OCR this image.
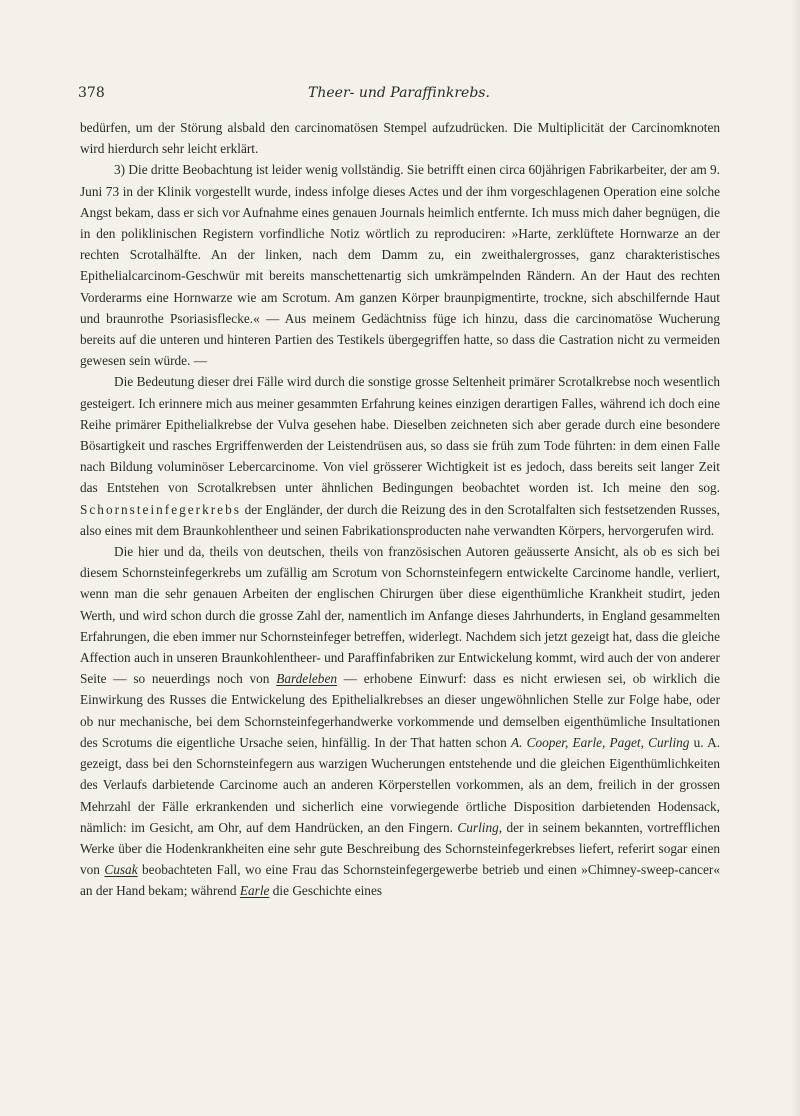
378	Theer- und Paraffinkrebs.

bedürfen, um der Störung alsbald den carcinomatösen Stempel aufzudrücken. Die Multiplicität der Carcinomknoten wird hierdurch sehr leicht erklärt.

3) Die dritte Beobachtung ist leider wenig vollständig. Sie betrifft einen circa 60jährigen Fabrikarbeiter, der am 9. Juni 73 in der Klinik vorgestellt wurde, indess infolge dieses Actes und der ihm vorgeschlagenen Operation eine solche Angst bekam, dass er sich vor Aufnahme eines genauen Journals heimlich entfernte. Ich muss mich daher begnügen, die in den poliklinischen Registern vorfindliche Notiz wörtlich zu reproduciren: »Harte, zerklüftete Hornwarze an der rechten Scrotalhälfte. An der linken, nach dem Damm zu, ein zweithalergrosses, ganz charakteristisches Epithelialcarcinom-Geschwür mit bereits manschettenartig sich umkrämpelnden Rändern. An der Haut des rechten Vorderarms eine Hornwarze wie am Scrotum. Am ganzen Körper braunpigmentirte, trockne, sich abschilfernde Haut und braunrothe Psoriasisflecke.« — Aus meinem Gedächtniss füge ich hinzu, dass die carcinomatöse Wucherung bereits auf die unteren und hinteren Partien des Testikels übergegriffen hatte, so dass die Castration nicht zu vermeiden gewesen sein würde. —

Die Bedeutung dieser drei Fälle wird durch die sonstige grosse Seltenheit primärer Scrotalkrebse noch wesentlich gesteigert. Ich erinnere mich aus meiner gesammten Erfahrung keines einzigen derartigen Falles, während ich doch eine Reihe primärer Epithelialkrebse der Vulva gesehen habe. Dieselben zeichneten sich aber gerade durch eine besondere Bösartigkeit und rasches Ergriffenwerden der Leistendrüsen aus, so dass sie früh zum Tode führten: in dem einen Falle nach Bildung voluminöser Lebercarcinome. Von viel grösserer Wichtigkeit ist es jedoch, dass bereits seit langer Zeit das Entstehen von Scrotalkrebsen unter ähnlichen Bedingungen beobachtet worden ist. Ich meine den sog. Schornsteinfegerkrebs der Engländer, der durch die Reizung des in den Scrotalfalten sich festsetzenden Russes, also eines mit dem Braunkohlentheer und seinen Fabrikationsproducten nahe verwandten Körpers, hervorgerufen wird.

Die hier und da, theils von deutschen, theils von französischen Autoren geäusserte Ansicht, als ob es sich bei diesem Schornsteinfegerkrebs um zufällig am Scrotum von Schornsteinfegern entwickelte Carcinome handle, verliert, wenn man die sehr genauen Arbeiten der englischen Chirurgen über diese eigenthümliche Krankheit studirt, jeden Werth, und wird schon durch die grosse Zahl der, namentlich im Anfange dieses Jahrhunderts, in England gesammelten Erfahrungen, die eben immer nur Schornsteinfeger betreffen, widerlegt. Nachdem sich jetzt gezeigt hat, dass die gleiche Affection auch in unseren Braunkohlentheer- und Paraffinfabriken zur Entwickelung kommt, wird auch der von anderer Seite — so neuerdings noch von Bardeleben — erhobene Einwurf: dass es nicht erwiesen sei, ob wirklich die Einwirkung des Russes die Entwickelung des Epithelialkrebses an dieser ungewöhnlichen Stelle zur Folge habe, oder ob nur mechanische, bei dem Schornsteinfegerhandwerke vorkommende und demselben eigenthümliche Insultationen des Scrotums die eigentliche Ursache seien, hinfällig. In der That hatten schon A. Cooper, Earle, Paget, Curling u. A. gezeigt, dass bei den Schornsteinfegern aus warzigen Wucherungen entstehende und die gleichen Eigenthümlichkeiten des Verlaufs darbietende Carcinome auch an anderen Körperstellen vorkommen, als an dem, freilich in der grossen Mehrzahl der Fälle erkrankenden und sicherlich eine vorwiegende örtliche Disposition darbietenden Hodensack, nämlich: im Gesicht, am Ohr, auf dem Handrücken, an den Fingern. Curling, der in seinem bekannten, vortrefflichen Werke über die Hodenkrankheiten eine sehr gute Beschreibung des Schornsteinfegerkrebses liefert, referirt sogar einen von Cusak beobachteten Fall, wo eine Frau das Schornsteinfegergewerbe betrieb und einen »Chimney-sweep-cancer« an der Hand bekam; während Earle die Geschichte eines
